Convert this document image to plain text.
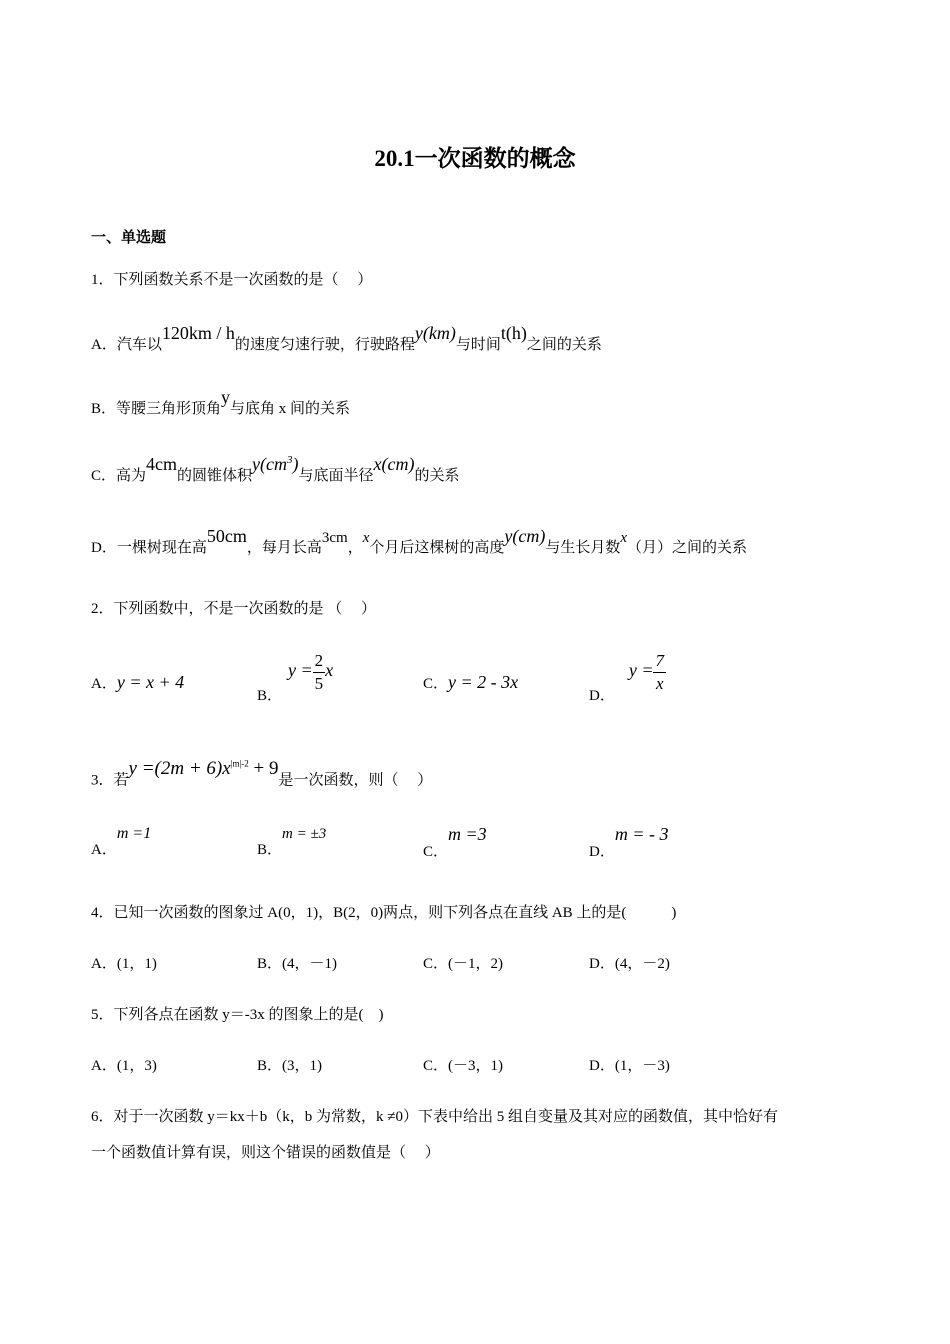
20.1一次函数的概念
一、单选题
1．下列函数关系不是一次函数的是（　 ）
A．汽车以120km / h的速度匀速行驶，行驶路程y(km)与时间t(h)之间的关系
B．等腰三角形顶角y与底角 x 间的关系
C．高为4cm的圆锥体积$y(cm^3)$与底面半径x(cm)的关系
D．一棵树现在高50cm，每月长高3cm，x个月后这棵树的高度y(cm)与生长月数x（月）之间的关系
2．下列函数中，不是一次函数的是 （　 ）
A．y = x + 4
B．$y = \frac{2}{5}$ x
C．y = 2 - 3x
D．$y = \frac{7}{x}$
3．若$y =(2m + 6)x^{|m|-2} + 9$是一次函数，则（　 ）
A．m =1
B．m = ±3
C．m =3
D．m = - 3
4．已知一次函数的图象过 A(0，1)，B(2，0)两点，则下列各点在直线 AB 上的是(　　　)
A．(1，1)	B．(4，－1)	C．(－1，2)	D．(4，－2)
5．下列各点在函数 y＝-3x 的图象上的是(　)
A．(1，3)	B．(3，1)	C．(－3，1)	D．(1，－3)
6．对于一次函数 y＝kx＋b（k，b 为常数，k ≠0）下表中给出 5 组自变量及其对应的函数值，其中恰好有
一个函数值计算有误，则这个错误的函数值是（　 ）
